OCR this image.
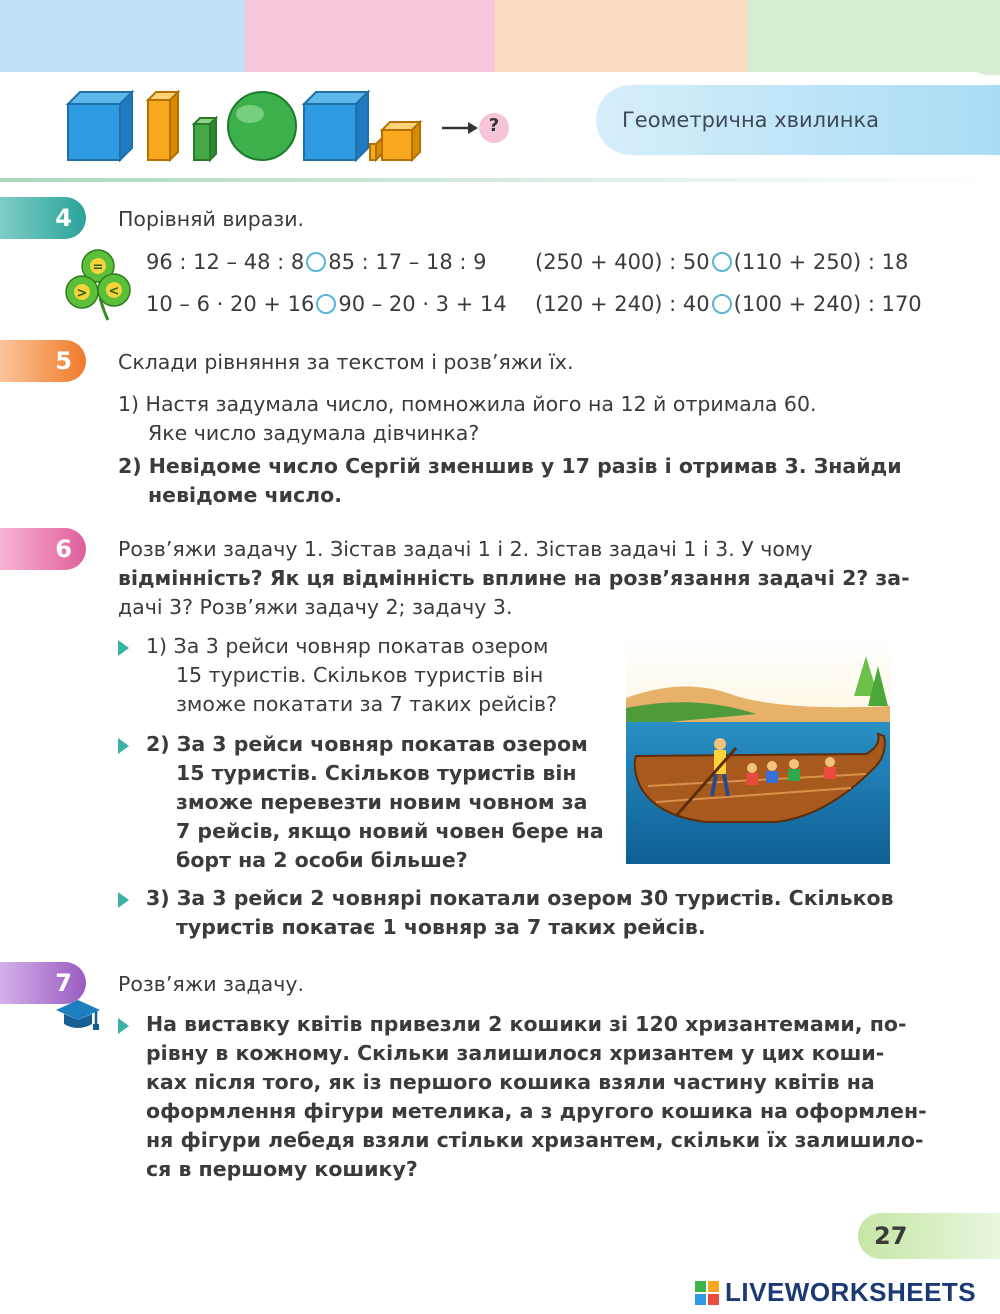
?	Геометрична хвилинка
4 Порівняй вирази.
=
> <
96 : 12 – 48 : 8 85 : 17 – 18 : 9 (250 + 400) : 50 (110 + 250) : 18
10 – 6 · 20 + 16 90 – 20 · 3 + 14 (120 + 240) : 40 (100 + 240) : 170
5 Склади рівняння за текстом і розв’яжи їх.
1) Настя задумала число, помножила його на 12 й отримала 60.
Яке число задумала дівчинка?
2) Невідоме число Сергій зменшив у 17 разів і отримав 3. Знайди
невідоме число.
6 Розв’яжи задачу 1. Зістав задачі 1 і 2. Зістав задачі 1 і 3. У чому
відмінність? Як ця відмінність вплине на розв’язання задачі 2? за-
дачі 3? Розв’яжи задачу 2; задачу 3.
1) За 3 рейси човняр покатав озером
15 туристів. Скільков туристів він
зможе покатати за 7 таких рейсів?
2) За 3 рейси човняр покатав озером
15 туристів. Скільков туристів він
зможе перевезти новим човном за
7 рейсів, якщо новий човен бере на
борт на 2 особи більше?
3) За 3 рейси 2 човнярі покатали озером 30 туристів. Скільков
туристів покатає 1 човняр за 7 таких рейсів.
7 Розв’яжи задачу.
На виставку квітів привезли 2 кошики зі 120 хризантемами, по-
рівну в кожному. Скільки залишилося хризантем у цих коши-
ках після того, як із першого кошика взяли частину квітів на
оформлення фігури метелика, а з другого кошика на оформлен-
ня фігури лебедя взяли стільки хризантем, скільки їх залишило-
ся в першому кошику?
27
LIVEWORKSHEETS
